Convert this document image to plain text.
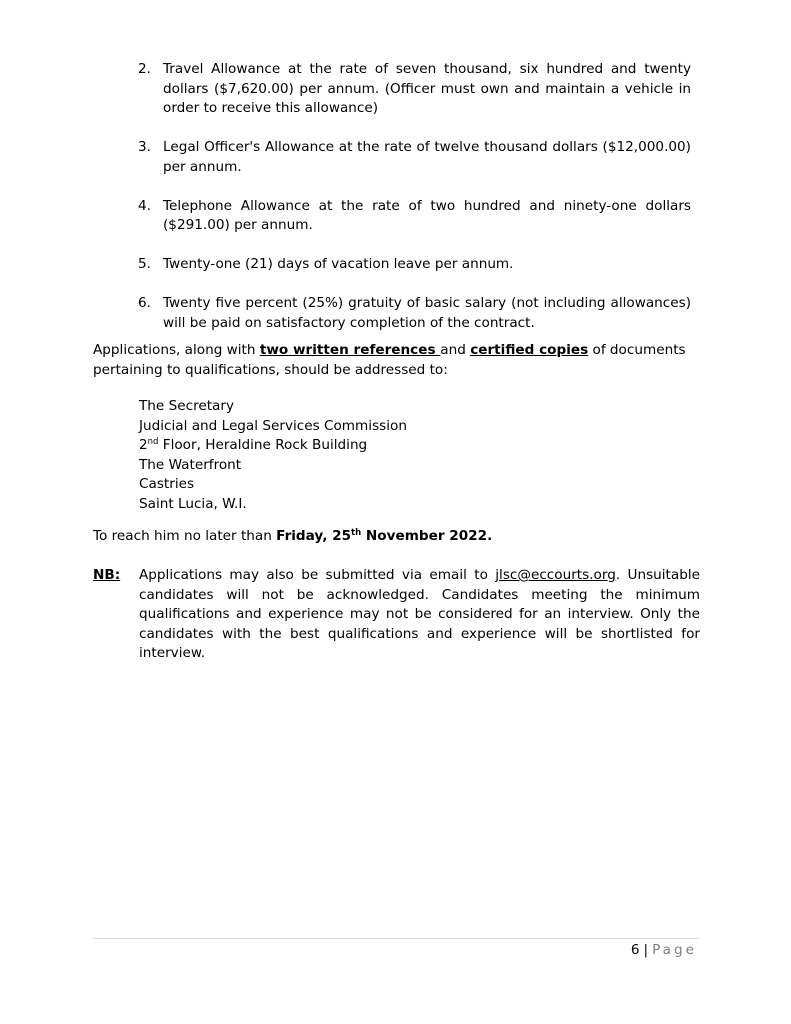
2. Travel Allowance at the rate of seven thousand, six hundred and twenty dollars ($7,620.00) per annum. (Officer must own and maintain a vehicle in order to receive this allowance)
3. Legal Officer's Allowance at the rate of twelve thousand dollars ($12,000.00) per annum.
4. Telephone Allowance at the rate of two hundred and ninety-one dollars ($291.00) per annum.
5. Twenty-one (21) days of vacation leave per annum.
6. Twenty five percent (25%) gratuity of basic salary (not including allowances) will be paid on satisfactory completion of the contract.
Applications, along with two written references and certified copies of documents pertaining to qualifications, should be addressed to:
The Secretary
Judicial and Legal Services Commission
2nd Floor, Heraldine Rock Building
The Waterfront
Castries
Saint Lucia, W.I.
To reach him no later than Friday, 25th November 2022.
NB:	Applications may also be submitted via email to jlsc@eccourts.org. Unsuitable candidates will not be acknowledged. Candidates meeting the minimum qualifications and experience may not be considered for an interview. Only the candidates with the best qualifications and experience will be shortlisted for interview.
6 | Page
